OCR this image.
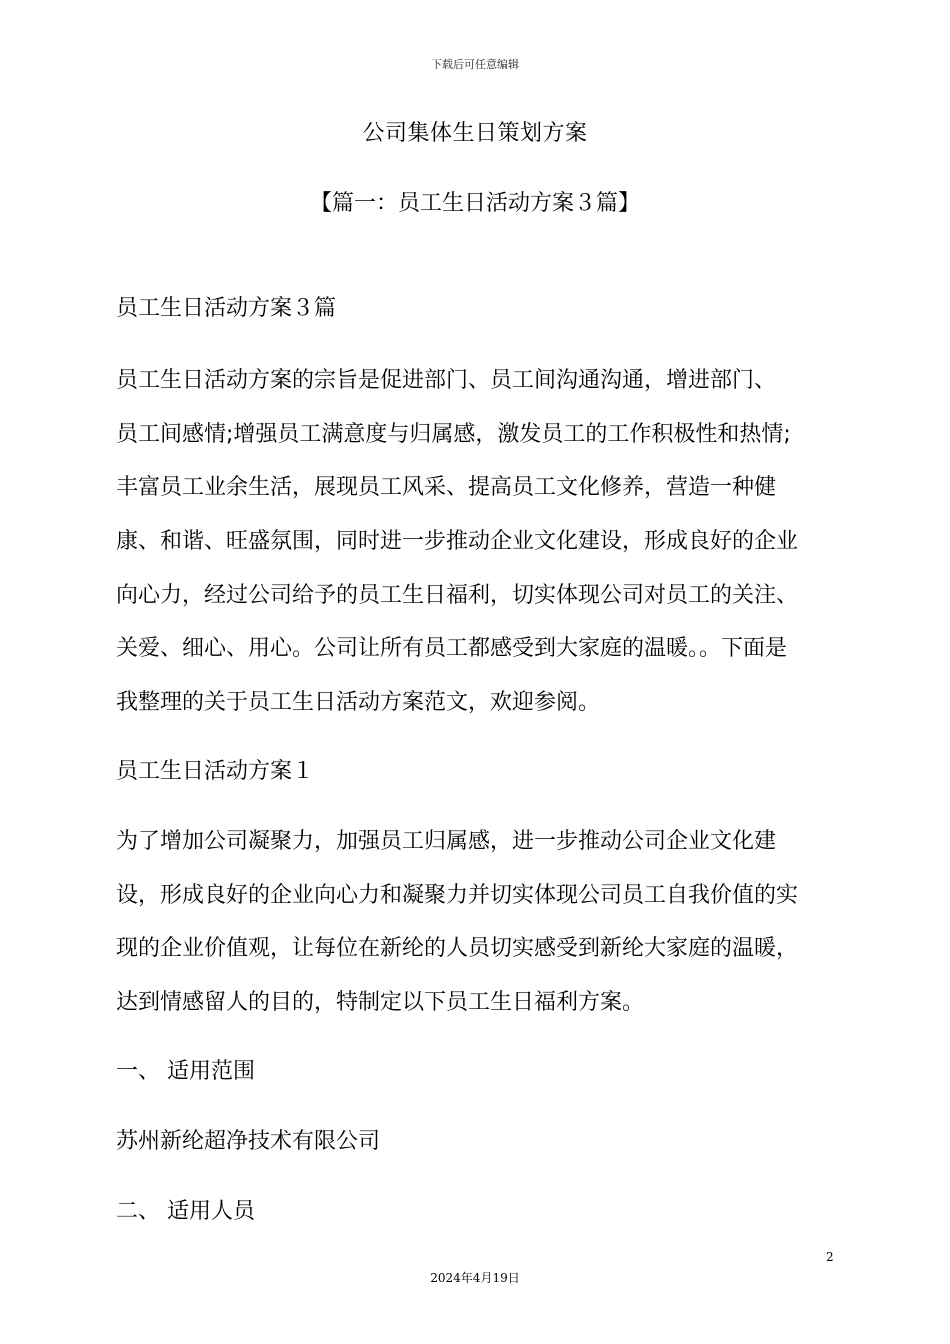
下载后可任意编辑
公司集体生日策划方案
【篇一：员工生日活动方案３篇】
员工生日活动方案３篇
员工生日活动方案的宗旨是促进部门、员工间沟通沟通，增进部门、
员工间感情;增强员工满意度与归属感，激发员工的工作积极性和热情;
丰富员工业余生活，展现员工风采、提高员工文化修养，营造一种健
康、和谐、旺盛氛围，同时进一步推动企业文化建设，形成良好的企业
向心力，经过公司给予的员工生日福利，切实体现公司对员工的关注、
关爱、细心、用心。公司让所有员工都感受到大家庭的温暖。。下面是
我整理的关于员工生日活动方案范文，欢迎参阅。
员工生日活动方案１
为了增加公司凝聚力，加强员工归属感，进一步推动公司企业文化建
设，形成良好的企业向心力和凝聚力并切实体现公司员工自我价值的实
现的企业价值观，让每位在新纶的人员切实感受到新纶大家庭的温暖，
达到情感留人的目的，特制定以下员工生日福利方案。
一、 适用范围
苏州新纶超净技术有限公司
二、 适用人员
2
2024年4月19日
